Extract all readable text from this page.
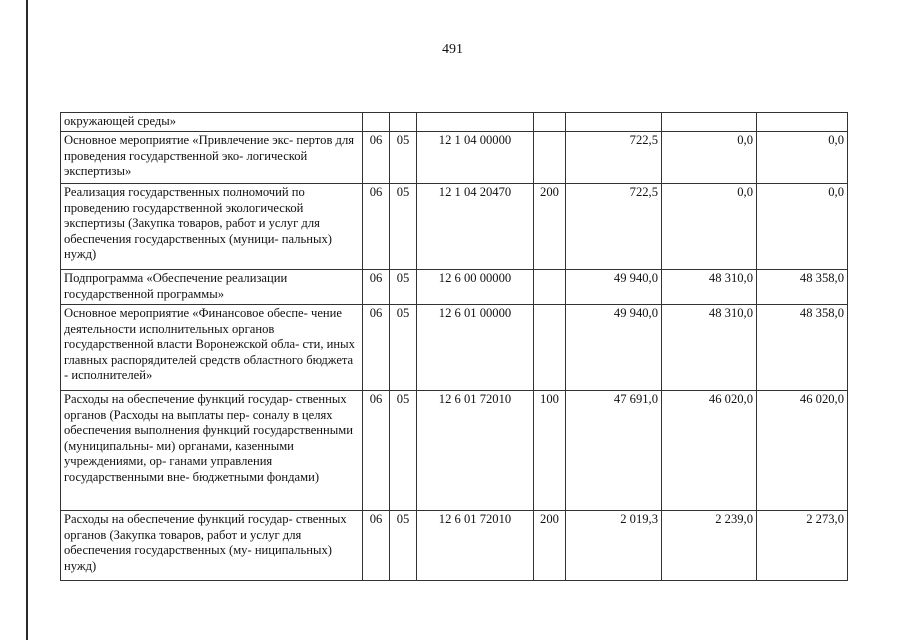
491
окружающей среды»							
Основное мероприятие «Привлечение экс- пертов для проведения государственной эко- логической экспертизы»	06	05	12 1 04 00000		722,5	0,0	0,0
Реализация государственных полномочий по проведению государственной экологической экспертизы (Закупка товаров, работ и услуг для обеспечения государственных (муници- пальных) нужд)	06	05	12 1 04 20470	200	722,5	0,0	0,0
Подпрограмма «Обеспечение реализации государственной программы»	06	05	12 6 00 00000		49 940,0	48 310,0	48 358,0
Основное мероприятие «Финансовое обеспе- чение деятельности исполнительных органов государственной власти Воронежской обла- сти, иных главных распорядителей средств областного бюджета - исполнителей»	06	05	12 6 01 00000		49 940,0	48 310,0	48 358,0
Расходы на обеспечение функций государ- ственных органов (Расходы на выплаты пер- соналу в целях обеспечения выполнения функций государственными (муниципальны- ми) органами, казенными учреждениями, ор- ганами управления государственными вне- бюджетными фондами)	06	05	12 6 01 72010	100	47 691,0	46 020,0	46 020,0
Расходы на обеспечение функций государ- ственных органов (Закупка товаров, работ и услуг для обеспечения государственных (му- ниципальных) нужд)	06	05	12 6 01 72010	200	2 019,3	2 239,0	2 273,0
